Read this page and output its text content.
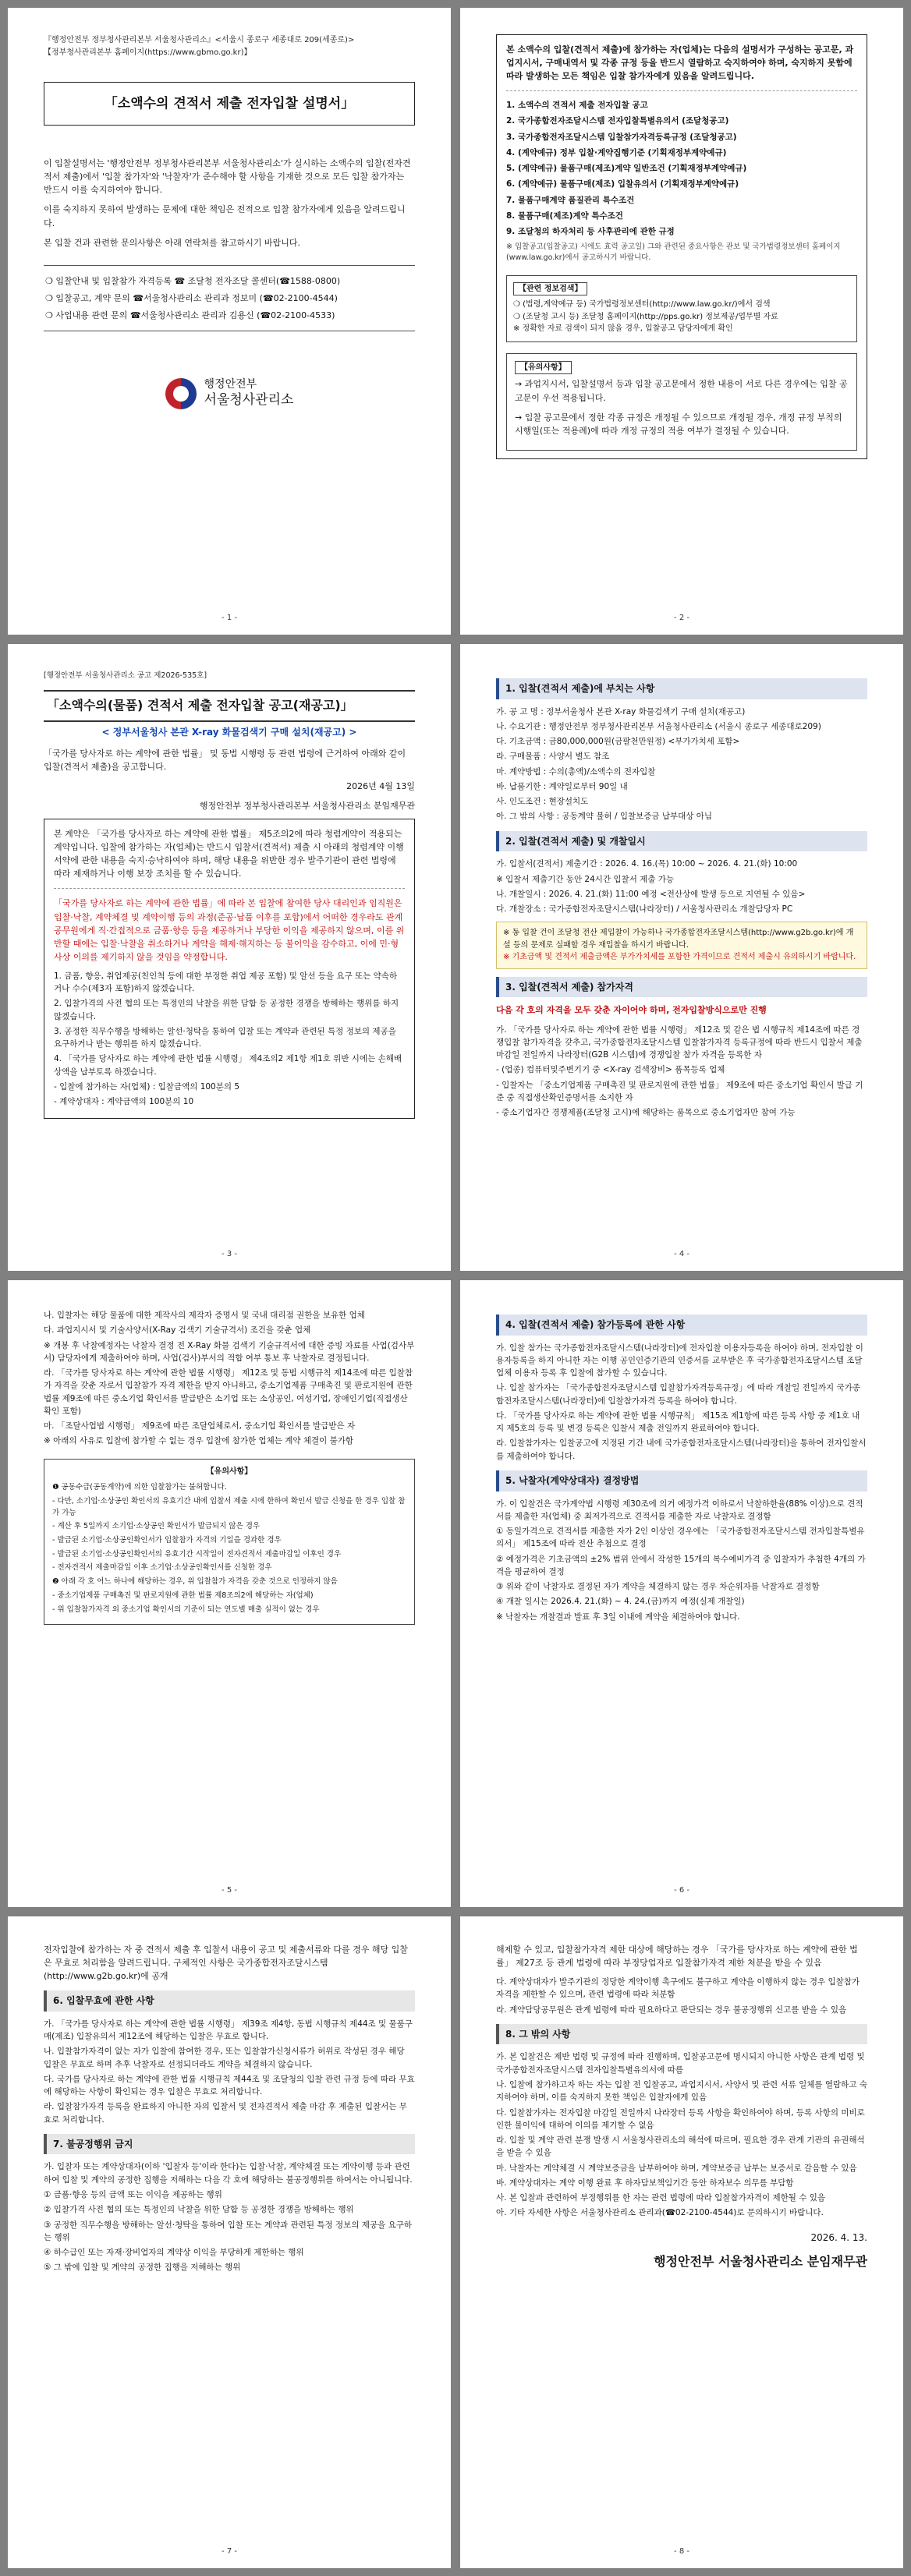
『행정안전부 정부청사관리본부 서울청사관리소』<서울시 종로구 세종대로 209(세종로)>

【정부청사관리본부 홈페이지(https://www.gbmo.go.kr)】

「소액수의 견적서 제출 전자입찰 설명서」

이 입찰설명서는 '행정안전부 정부청사관리본부 서울청사관리소'가 실시하는 소액수의 입찰(전자견적서 제출)에서 '입찰 참가자'와 '낙찰자'가 준수해야 할 사항을 기재한 것으로 모든 입찰 참가자는 반드시 이를 숙지하여야 합니다.

이를 숙지하지 못하여 발생하는 문제에 대한 책임은 전적으로 입찰 참가자에게 있음을 알려드립니다.

본 입찰 건과 관련한 문의사항은 아래 연락처를 참고하시기 바랍니다.

❍ 입찰안내 및 입찰참가 자격등록 ☎ 조달청 전자조달 콜센터(☎1588-0800)
❍ 입찰공고, 계약 문의 ☎서울청사관리소 관리과 정보미 (☎02-2100-4544)
❍ 사업내용 관련 문의 ☎서울청사관리소 관리과 김용신 (☎02-2100-4533)
행정안전부
서울청사관리소
- 1 -

본 소액수의 입찰(견적서 제출)에 참가하는 자(업체)는 다음의 설명서가 구성하는 공고문, 과업지시서, 구매내역서 및 각종 규정 등을 반드시 열람하고 숙지하여야 하며, 숙지하지 못함에 따라 발생하는 모든 책임은 입찰 참가자에게 있음을 알려드립니다.

1. 소액수의 견적서 제출 전자입찰 공고
2. 국가종합전자조달시스템 전자입찰특별유의서 (조달청공고)
3. 국가종합전자조달시스템 입찰참가자격등록규정 (조달청공고)
4. (계약예규) 정부 입찰·계약집행기준 (기획재정부계약예규)
5. (계약예규) 물품구매(제조)계약 일반조건 (기획재정부계약예규)
6. (계약예규) 물품구매(제조) 입찰유의서 (기획재정부계약예규)
7. 물품구매계약 품질관리 특수조건
8. 물품구매(제조)계약 특수조건
9. 조달청의 하자처리 등 사후관리에 관한 규정

※ 입찰공고(입찰공고) 시에도 효력 공고일) 그와 관련된 중요사항은 관보 및 국가법령정보센터 홈페이지(www.law.go.kr)에서 공고하시기 바랍니다.

【관련 정보검색】
❍ (법령,계약예규 등) 국가법령정보센터(http://www.law.go.kr/)에서 검색
❍ (조달청 고시 등) 조달청 홈페이지(http://pps.go.kr) 정보제공/업무별 자료
※ 정확한 자료 검색이 되지 않을 경우, 입찰공고 담당자에게 확인
【유의사항】

→ 과업지시서, 입찰설명서 등과 입찰 공고문에서 정한 내용이 서로 다른 경우에는 입찰 공고문이 우선 적용됩니다.

→ 입찰 공고문에서 정한 각종 규정은 개정될 수 있으므로 개정될 경우, 개정 규정 부칙의 시행일(또는 적용례)에 따라 개정 규정의 적용 여부가 결정될 수 있습니다.

- 2 -

[행정안전부 서울청사관리소 공고 제2026-535호]

「소액수의(물품) 견적서 제출 전자입찰 공고(재공고)」

< 정부서울청사 본관 X-ray 화물검색기 구매 설치(재공고) >

「국가를 당사자로 하는 계약에 관한 법률」 및 동법 시행령 등 관련 법령에 근거하여 아래와 같이 입찰(견적서 제출)을 공고합니다.

2026년 4월 13일

행정안전부 정부청사관리본부 서울청사관리소 분임재무관

본 계약은 「국가를 당사자로 하는 계약에 관한 법률」 제5조의2에 따라 청렴계약이 적용되는 계약입니다. 입찰에 참가하는 자(업체)는 반드시 입찰서(견적서) 제출 시 아래의 청렴계약 이행서약에 관한 내용을 숙지·승낙하여야 하며, 해당 내용을 위반한 경우 발주기관이 관련 법령에 따라 제재하거나 이행 보장 조치를 할 수 있습니다.

「국가를 당사자로 하는 계약에 관한 법률」에 따라 본 입찰에 참여한 당사 대리인과 임직원은 입찰·낙찰, 계약체결 및 계약이행 등의 과정(준공·납품 이후를 포함)에서 어떠한 경우라도 관계 공무원에게 직·간접적으로 금품·향응 등을 제공하거나 부당한 이익을 제공하지 않으며, 이를 위반할 때에는 입찰·낙찰을 취소하거나 계약을 해제·해지하는 등 불이익을 감수하고, 이에 민·형사상 이의를 제기하지 않을 것임을 약정합니다.

1. 금품, 향응, 취업제공(친인척 등에 대한 부정한 취업 제공 포함) 및 알선 등을 요구 또는 약속하거나 수수(제3자 포함)하지 않겠습니다.
2. 입찰가격의 사전 협의 또는 특정인의 낙찰을 위한 담합 등 공정한 경쟁을 방해하는 행위를 하지 않겠습니다.
3. 공정한 직무수행을 방해하는 알선·청탁을 통하여 입찰 또는 계약과 관련된 특정 정보의 제공을 요구하거나 받는 행위를 하지 않겠습니다.
4. 「국가를 당사자로 하는 계약에 관한 법률 시행령」 제4조의2 제1항 제1호 위반 시에는 손해배상액을 납부토록 하겠습니다.
- 입찰에 참가하는 자(업체) : 입찰금액의 100분의 5
- 계약상대자 : 계약금액의 100분의 10
- 3 -
1. 입찰(견적서 제출)에 부치는 사항
가. 공 고 명 : 정부서울청사 본관 X-ray 화물검색기 구매 설치(재공고)
나. 수요기관 : 행정안전부 정부청사관리본부 서울청사관리소 (서울시 종로구 세종대로209)
다. 기초금액 : 금80,000,000원(금팔천만원정) <부가가치세 포함>
라. 구매물품 : 사양서 별도 참조
마. 계약방법 : 수의(총액)/소액수의 전자입찰
바. 납품기한 : 계약일로부터 90일 내
사. 인도조건 : 현장설치도
아. 그 밖의 사항 : 공동계약 불허 / 입찰보증금 납부대상 아님
2. 입찰(견적서 제출) 및 개찰일시
가. 입찰서(견적서) 제출기간 : 2026. 4. 16.(목) 10:00 ~ 2026. 4. 21.(화) 10:00
※ 입찰서 제출기간 동안 24시간 입찰서 제출 가능
나. 개찰일시 : 2026. 4. 21.(화) 11:00 예정 <전산상에 발생 등으로 지연될 수 있음>
다. 개찰장소 : 국가종합전자조달시스템(나라장터) / 서울청사관리소 개찰담당자 PC
※ 동 입찰 건이 조달청 전산 제입찰이 가능하나 국가종합전자조달시스템(http://www.g2b.go.kr)에 개설 등의 문제로 실패할 경우 재입찰을 하시기 바랍니다.
※ 기초금액 및 견적서 제출금액은 부가가치세를 포함한 가격이므로 견적서 제출시 유의하시기 바랍니다.
3. 입찰(견적서 제출) 참가자격

다음 각 호의 자격을 모두 갖춘 자이어야 하며, 전자입찰방식으로만 진행

가. 「국가를 당사자로 하는 계약에 관한 법률 시행령」 제12조 및 같은 법 시행규칙 제14조에 따른 경쟁입찰 참가자격을 갖추고, 국가종합전자조달시스템 입찰참가자격 등록규정에 따라 반드시 입찰서 제출 마감일 전일까지 나라장터(G2B 시스템)에 경쟁입찰 참가 자격을 등록한 자
- (업종) 컴퓨터및주변기기 중 <X-ray 검색장비> 품목등록 업체
- 입찰자는 「중소기업제품 구매촉진 및 판로지원에 관한 법률」 제9조에 따른 중소기업 확인서 발급 기준 중 직접생산확인증명서를 소지한 자
- 중소기업자간 경쟁제품(조달청 고시)에 해당하는 품목으로 중소기업자만 참여 가능
- 4 -
나. 입찰자는 해당 물품에 대한 제작사의 제작자 증명서 및 국내 대리점 권한을 보유한 업체
다. 과업지시서 및 기술사양서(X-Ray 검색기 기술규격서) 조건을 갖춘 업체
※ 개봉 후 낙찰예정자는 낙찰자 결정 전 X-Ray 화물 검색기 기술규격서에 대한 증빙 자료를 사업(검사부서) 담당자에게 제출하여야 하며, 사업(검사)부서의 적합 여부 통보 후 낙찰자로 결정됩니다.
라. 「국가를 당사자로 하는 계약에 관한 법률 시행령」 제12조 및 동법 시행규칙 제14조에 따른 입찰참가 자격을 갖춘 자로서 입찰참가 자격 제한을 받지 아니하고, 중소기업제품 구매촉진 및 판로지원에 관한 법률 제9조에 따른 중소기업 확인서를 발급받은 소기업 또는 소상공인, 여성기업, 장애인기업(직접생산 확인 포함)
마. 「조달사업법 시행령」 제9조에 따른 조달업체로서, 중소기업 확인서를 발급받은 자
※ 아래의 사유로 입찰에 참가할 수 없는 경우 입찰에 참가한 업체는 계약 체결이 불가함
【유의사항】
❶ 공동수급(공동계약)에 의한 입찰참가는 불허합니다.
- 다만, 소기업·소상공인 확인서의 유효기간 내에 입찰서 제출 시에 한하여 확인서 발급 신청을 한 경우 입찰 참가 가능
- 계산 후 5일까지 소기업·소상공인 확인서가 발급되지 않은 경우
- 발급된 소기업·소상공인확인서가 입찰참가 자격의 기일을 경과한 경우
- 발급된 소기업·소상공인확인서의 유효기간 시작일이 전자견적서 제출마감일 이후인 경우
- 전자견적서 제출마감일 이후 소기업·소상공인확인서를 신청한 경우
❷ 아래 각 호 어느 하나에 해당하는 경우, 위 입찰참가 자격을 갖춘 것으로 인정하지 않음
- 중소기업제품 구매촉진 및 판로지원에 관한 법률 제8조의2에 해당하는 자(업체)
- 위 입찰참가자격 외 중소기업 확인서의 기준이 되는 연도별 매출 실적이 없는 경우
- 5 -
4. 입찰(견적서 제출) 참가등록에 관한 사항
가. 입찰 참가는 국가종합전자조달시스템(나라장터)에 전자입찰 이용자등록을 하여야 하며, 전자입찰 이용자등록을 하지 아니한 자는 이행 공인인증기관의 인증서를 교부받은 후 국가종합전자조달시스템 조달업체 이용자 등록 후 입찰에 참가할 수 있습니다.
나. 입찰 참가자는 「국가종합전자조달시스템 입찰참가자격등록규정」에 따라 개찰일 전일까지 국가종합전자조달시스템(나라장터)에 입찰참가자격 등록을 하여야 합니다.
다. 「국가를 당사자로 하는 계약에 관한 법률 시행규칙」 제15조 제1항에 따른 등록 사항 중 제1호 내지 제5호의 등록 및 변경 등록은 입찰서 제출 전일까지 완료하여야 합니다.
라. 입찰참가자는 입찰공고에 지정된 기간 내에 국가종합전자조달시스템(나라장터)을 통하여 전자입찰서를 제출하여야 합니다.
5. 낙찰자(계약상대자) 결정방법
가. 이 입찰건은 국가계약법 시행령 제30조에 의거 예정가격 이하로서 낙찰하한율(88% 이상)으로 견적서를 제출한 자(업체) 중 최저가격으로 견적서를 제출한 자로 낙찰자로 결정함
① 동일가격으로 견적서를 제출한 자가 2인 이상인 경우에는 「국가종합전자조달시스템 전자입찰특별유의서」 제15조에 따라 전산 추첨으로 결정
② 예정가격은 기초금액의 ±2% 범위 안에서 작성한 15개의 복수예비가격 중 입찰자가 추첨한 4개의 가격을 평균하여 결정
③ 위와 같이 낙찰자로 결정된 자가 계약을 체결하지 않는 경우 차순위자를 낙찰자로 결정함
④ 개찰 일시는 2026.4. 21.(화) ~ 4. 24.(금)까지 예정(실제 개찰일)
※ 낙찰자는 개찰결과 발표 후 3일 이내에 계약을 체결하여야 합니다.
- 6 -

전자입찰에 참가하는 자 중 견적서 제출 후 입찰서 내용이 공고 및 제출서류와 다를 경우 해당 입찰은 무효로 처리함을 알려드립니다. 구체적인 사항은 국가종합전자조달시스템(http://www.g2b.go.kr)에 공개

6. 입찰무효에 관한 사항
가. 「국가를 당사자로 하는 계약에 관한 법률 시행령」 제39조 제4항, 동법 시행규칙 제44조 및 물품구매(제조) 입찰유의서 제12조에 해당하는 입찰은 무효로 합니다.
나. 입찰참가자격이 없는 자가 입찰에 참여한 경우, 또는 입찰참가신청서류가 허위로 작성된 경우 해당 입찰은 무효로 하며 추후 낙찰자로 선정되더라도 계약을 체결하지 않습니다.
다. 국가를 당사자로 하는 계약에 관한 법률 시행규칙 제44조 및 조달청의 입찰 관련 규정 등에 따라 무효에 해당하는 사항이 확인되는 경우 입찰은 무효로 처리합니다.
라. 입찰참가자격 등록을 완료하지 아니한 자의 입찰서 및 전자견적서 제출 마감 후 제출된 입찰서는 무효로 처리합니다.
7. 불공정행위 금지
가. 입찰자 또는 계약상대자(이하 '입찰자 등'이라 한다)는 입찰·낙찰, 계약체결 또는 계약이행 등과 관련하여 입찰 및 계약의 공정한 집행을 저해하는 다음 각 호에 해당하는 불공정행위를 하여서는 아니됩니다.
① 금품·향응 등의 금액 또는 이익을 제공하는 행위
② 입찰가격 사전 협의 또는 특정인의 낙찰을 위한 담합 등 공정한 경쟁을 방해하는 행위
③ 공정한 직무수행을 방해하는 알선·청탁을 통하여 입찰 또는 계약과 관련된 특정 정보의 제공을 요구하는 행위
④ 하수급인 또는 자재·장비업자의 계약상 이익을 부당하게 제한하는 행위
⑤ 그 밖에 입찰 및 계약의 공정한 집행을 저해하는 행위
- 7 -

해제할 수 있고, 입찰참가자격 제한 대상에 해당하는 경우 「국가를 당사자로 하는 계약에 관한 법률」 제27조 등 관계 법령에 따라 부정당업자로 입찰참가자격 제한 처분을 받을 수 있음

다. 계약상대자가 발주기관의 정당한 계약이행 촉구에도 불구하고 계약을 이행하지 않는 경우 입찰참가자격을 제한할 수 있으며, 관련 법령에 따라 처분함
라. 계약담당공무원은 관계 법령에 따라 필요하다고 판단되는 경우 불공정행위 신고를 받을 수 있음
8. 그 밖의 사항
가. 본 입찰건은 제반 법령 및 규정에 따라 진행하며, 입찰공고문에 명시되지 아니한 사항은 관계 법령 및 국가종합전자조달시스템 전자입찰특별유의서에 따름
나. 입찰에 참가하고자 하는 자는 입찰 전 입찰공고, 과업지시서, 사양서 및 관련 서류 일체를 열람하고 숙지하여야 하며, 이를 숙지하지 못한 책임은 입찰자에게 있음
다. 입찰참가자는 전자입찰 마감일 전일까지 나라장터 등록 사항을 확인하여야 하며, 등록 사항의 미비로 인한 불이익에 대하여 이의를 제기할 수 없음
라. 입찰 및 계약 관련 분쟁 발생 시 서울청사관리소의 해석에 따르며, 필요한 경우 관계 기관의 유권해석을 받을 수 있음
마. 낙찰자는 계약체결 시 계약보증금을 납부하여야 하며, 계약보증금 납부는 보증서로 갈음할 수 있음
바. 계약상대자는 계약 이행 완료 후 하자담보책임기간 동안 하자보수 의무를 부담함
사. 본 입찰과 관련하여 부정행위를 한 자는 관련 법령에 따라 입찰참가자격이 제한될 수 있음
아. 기타 자세한 사항은 서울청사관리소 관리과(☎02-2100-4544)로 문의하시기 바랍니다.
2026. 4. 13.
행정안전부 서울청사관리소 분임재무관
- 8 -
